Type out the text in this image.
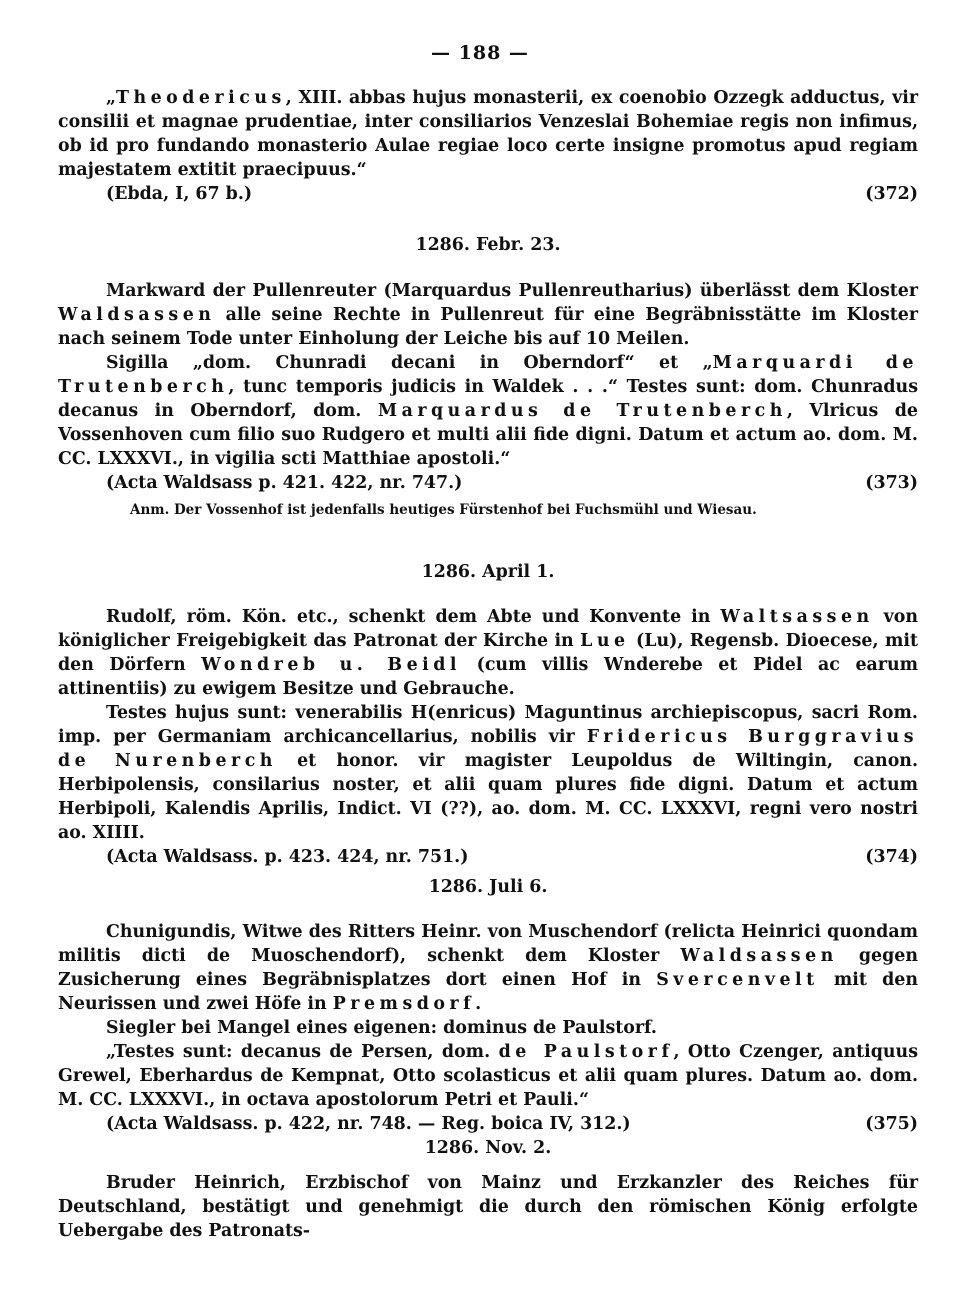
— 188 —

„Theodericus, XIII. abbas hujus monasterii, ex coenobio Ozzegk adductus, vir consilii et magnae prudentiae, inter consiliarios Venzeslai Bohemiae regis non infimus, ob id pro fundando monasterio Aulae regiae loco certe insigne promotus apud regiam majestatem extitit praecipuus.“

(Ebda, I, 67 b.)	(372)

1286. Febr. 23.

Markward der Pullenreuter (Marquardus Pullenreutharius) überlässt dem Kloster Waldsassen alle seine Rechte in Pullenreut für eine Begräbnisstätte im Kloster nach seinem Tode unter Einholung der Leiche bis auf 10 Meilen.

Sigilla „dom. Chunradi decani in Oberndorf“ et „Marquardi de Trutenberch, tunc temporis judicis in Waldek . . .“ Testes sunt: dom. Chunradus decanus in Oberndorf, dom. Marquardus de Trutenberch, Vlricus de Vossenhoven cum filio suo Rudgero et multi alii fide digni. Datum et actum ao. dom. M. CC. LXXXVI., in vigilia scti Matthiae apostoli.“

(Acta Waldsass p. 421. 422, nr. 747.)	(373)

Anm. Der Vossenhof ist jedenfalls heutiges Fürstenhof bei Fuchsmühl und Wiesau.

1286. April 1.

Rudolf, röm. Kön. etc., schenkt dem Abte und Konvente in Waltsassen von königlicher Freigebigkeit das Patronat der Kirche in Lue (Lu), Regensb. Dioecese, mit den Dörfern Wondreb u. Beidl (cum villis Wnderebe et Pidel ac earum attinentiis) zu ewigem Besitze und Gebrauche.

Testes hujus sunt: venerabilis H(enricus) Maguntinus archiepiscopus, sacri Rom. imp. per Germaniam archicancellarius, nobilis vir Fridericus Burggravius de Nurenberch et honor. vir magister Leupoldus de Wiltingin, canon. Herbipolensis, consilarius noster, et alii quam plures fide digni. Datum et actum Herbipoli, Kalendis Aprilis, Indict. VI (??), ao. dom. M. CC. LXXXVI, regni vero nostri ao. XIIII.

(Acta Waldsass. p. 423. 424, nr. 751.)	(374)

1286. Juli 6.

Chunigundis, Witwe des Ritters Heinr. von Muschendorf (relicta Heinrici quondam militis dicti de Muoschendorf), schenkt dem Kloster Waldsassen gegen Zusicherung eines Begräbnisplatzes dort einen Hof in Svercenvelt mit den Neurissen und zwei Höfe in Premsdorf.

Siegler bei Mangel eines eigenen: dominus de Paulstorf.

„Testes sunt: decanus de Persen, dom. de Paulstorf, Otto Czenger, antiquus Grewel, Eberhardus de Kempnat, Otto scolasticus et alii quam plures. Datum ao. dom. M. CC. LXXXVI., in octava apostolorum Petri et Pauli.“

(Acta Waldsass. p. 422, nr. 748. — Reg. boica IV, 312.)	(375)

1286. Nov. 2.

Bruder Heinrich, Erzbischof von Mainz und Erzkanzler des Reiches für Deutschland, bestätigt und genehmigt die durch den römischen König erfolgte Uebergabe des Patronats-
